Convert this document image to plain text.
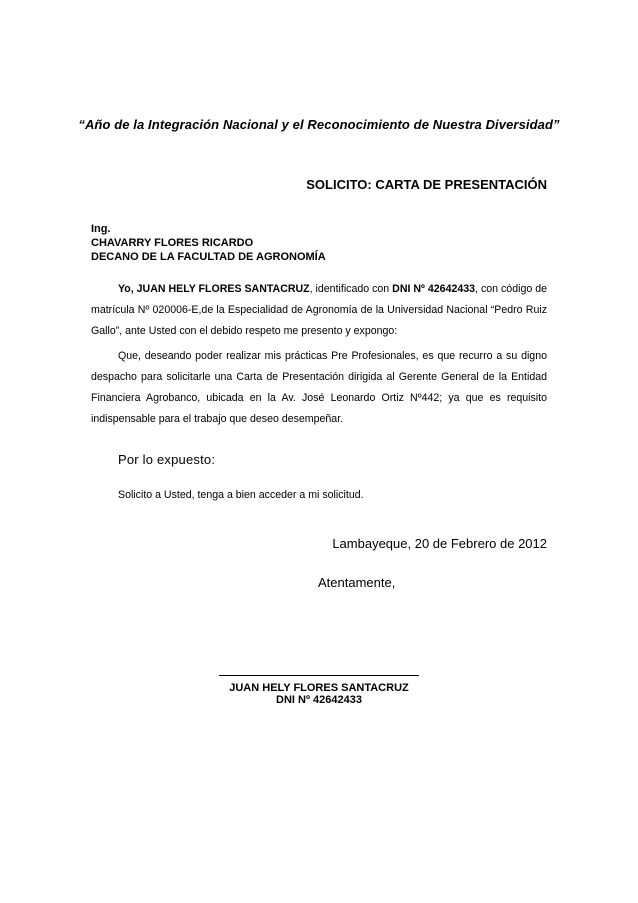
“Año de la Integración Nacional y el Reconocimiento de Nuestra Diversidad”

SOLICITO: CARTA DE PRESENTACIÓN

Ing.
CHAVARRY FLORES RICARDO
DECANO DE LA FACULTAD DE AGRONOMÍA

Yo, JUAN HELY FLORES SANTACRUZ, identificado con DNI Nº 42642433, con código de matrícula Nº 020006-E,de la Especialidad de Agronomía de la Universidad Nacional “Pedro Ruiz Gallo”, ante Usted con el debido respeto me presento y expongo:

Que, deseando poder realizar mis prácticas Pre Profesionales, es que recurro a su digno despacho para solicitarle una Carta de Presentación dirigida al Gerente General de la Entidad Financiera Agrobanco, ubicada en la Av. José Leonardo Ortiz Nº442; ya que es requisito indispensable para el trabajo que deseo desempeñar.

Por lo expuesto:

Solicito a Usted, tenga a bien acceder a mi solicitud.

Lambayeque, 20 de Febrero de 2012

Atentamente,

JUAN HELY FLORES SANTACRUZ
DNI Nº 42642433
